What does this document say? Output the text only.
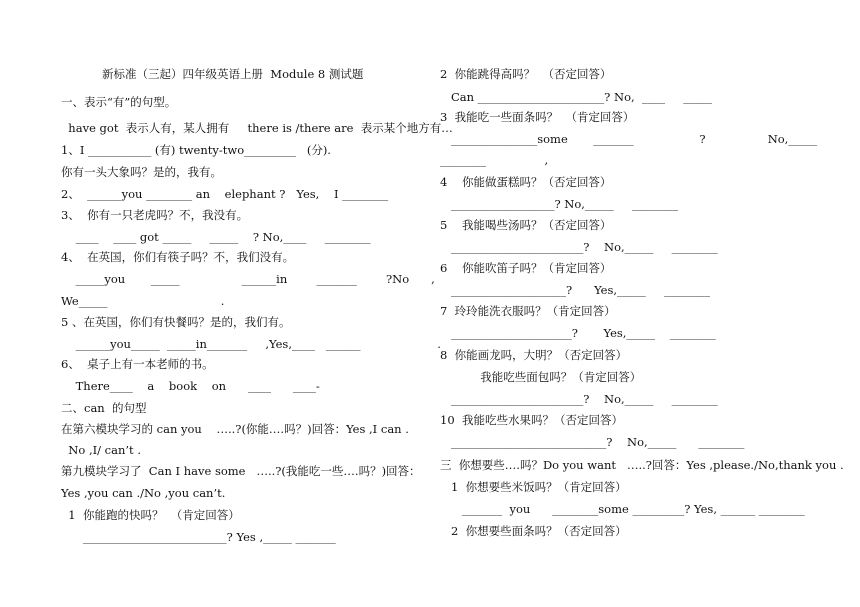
新标准（三起）四年级英语上册  Module 8 测试题
一、表示“有”的句型。
have got  表示人有，某人拥有     there is /there are  表示某个地方有…
1、I ___________ (有) twenty-two_________   (分).
你有一头大象吗？是的，我有。
2、  ______you ________ an    elephant ?   Yes,    I ________
3、  你有一只老虎吗？不，我没有。
____    ____ got _____     _____    ? No,____     ________
4、  在英国，你们有筷子吗？不，我们没有。
_____you       _____                 ______in        _______        ?No      ,
We_____                               .
5 、在英国，你们有快餐吗？是的，我们有。
______you_____  _____in_______     ,Yes,____   ______                     .
6、  桌子上有一本老师的书。
There____    a    book    on      ____      ____-
二、can  的句型
在第六模块学习的 can you    …..?(你能….吗？)回答：Yes ,I can .
No ,I/ can’t .
第九模块学习了  Can I have some   …..?(我能吃一些….吗？)回答：
Yes ,you can ./No ,you can’t.
1  你能跑的快吗？  （肯定回答）
_________________________? Yes ,_____ _______
2  你能跳得高吗？  （否定回答）
Can ______________________? No,  ____     _____
3  我能吃一些面条吗？  （肯定回答）
_______________some       _______                  ?                 No,_____
________                ,
4    你能做蛋糕吗？（否定回答）
__________________? No,_____     ________
5    我能喝些汤吗？（否定回答）
_______________________?    No,_____     ________
6    你能吹笛子吗？（肯定回答）
____________________?      Yes,_____     ________
7  玲玲能洗衣服吗？（肯定回答）
_____________________?       Yes,_____    ________
8  你能画龙吗，大明？（否定回答）
我能吃些面包吗？（肯定回答）
_______________________?    No,_____     ________
10  我能吃些水果吗？（否定回答）
___________________________?    No,_____      ________
三  你想要些….吗？Do you want   …..?回答：Yes ,please./No,thank you .
1  你想要些米饭吗？（肯定回答）
_______  you      ________some _________? Yes, ______ ________
2  你想要些面条吗？（否定回答）
